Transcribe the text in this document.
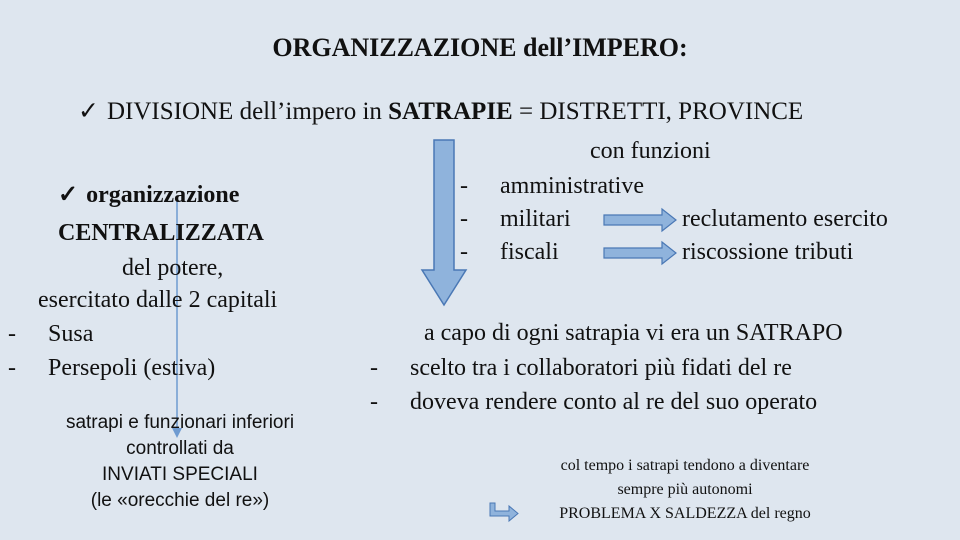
ORGANIZZAZIONE dell’IMPERO:
✓ DIVISIONE dell’impero in SATRAPIE = DISTRETTI, PROVINCE
con funzioni
- amministrative
- militari
- fiscali
reclutamento esercito
riscossione tributi
✓ organizzazione
CENTRALIZZATA
del potere,
esercitato dalle 2 capitali
- Susa
- Persepoli (estiva)
satrapi e funzionari inferiori
controllati da
INVIATI SPECIALI
(le «orecchie del re»)
a capo di ogni satrapia vi era un SATRAPO
- scelto tra i collaboratori più fidati del re
- doveva rendere conto al re del suo operato
col tempo i satrapi tendono a diventare
sempre più autonomi
PROBLEMA X SALDEZZA del regno
